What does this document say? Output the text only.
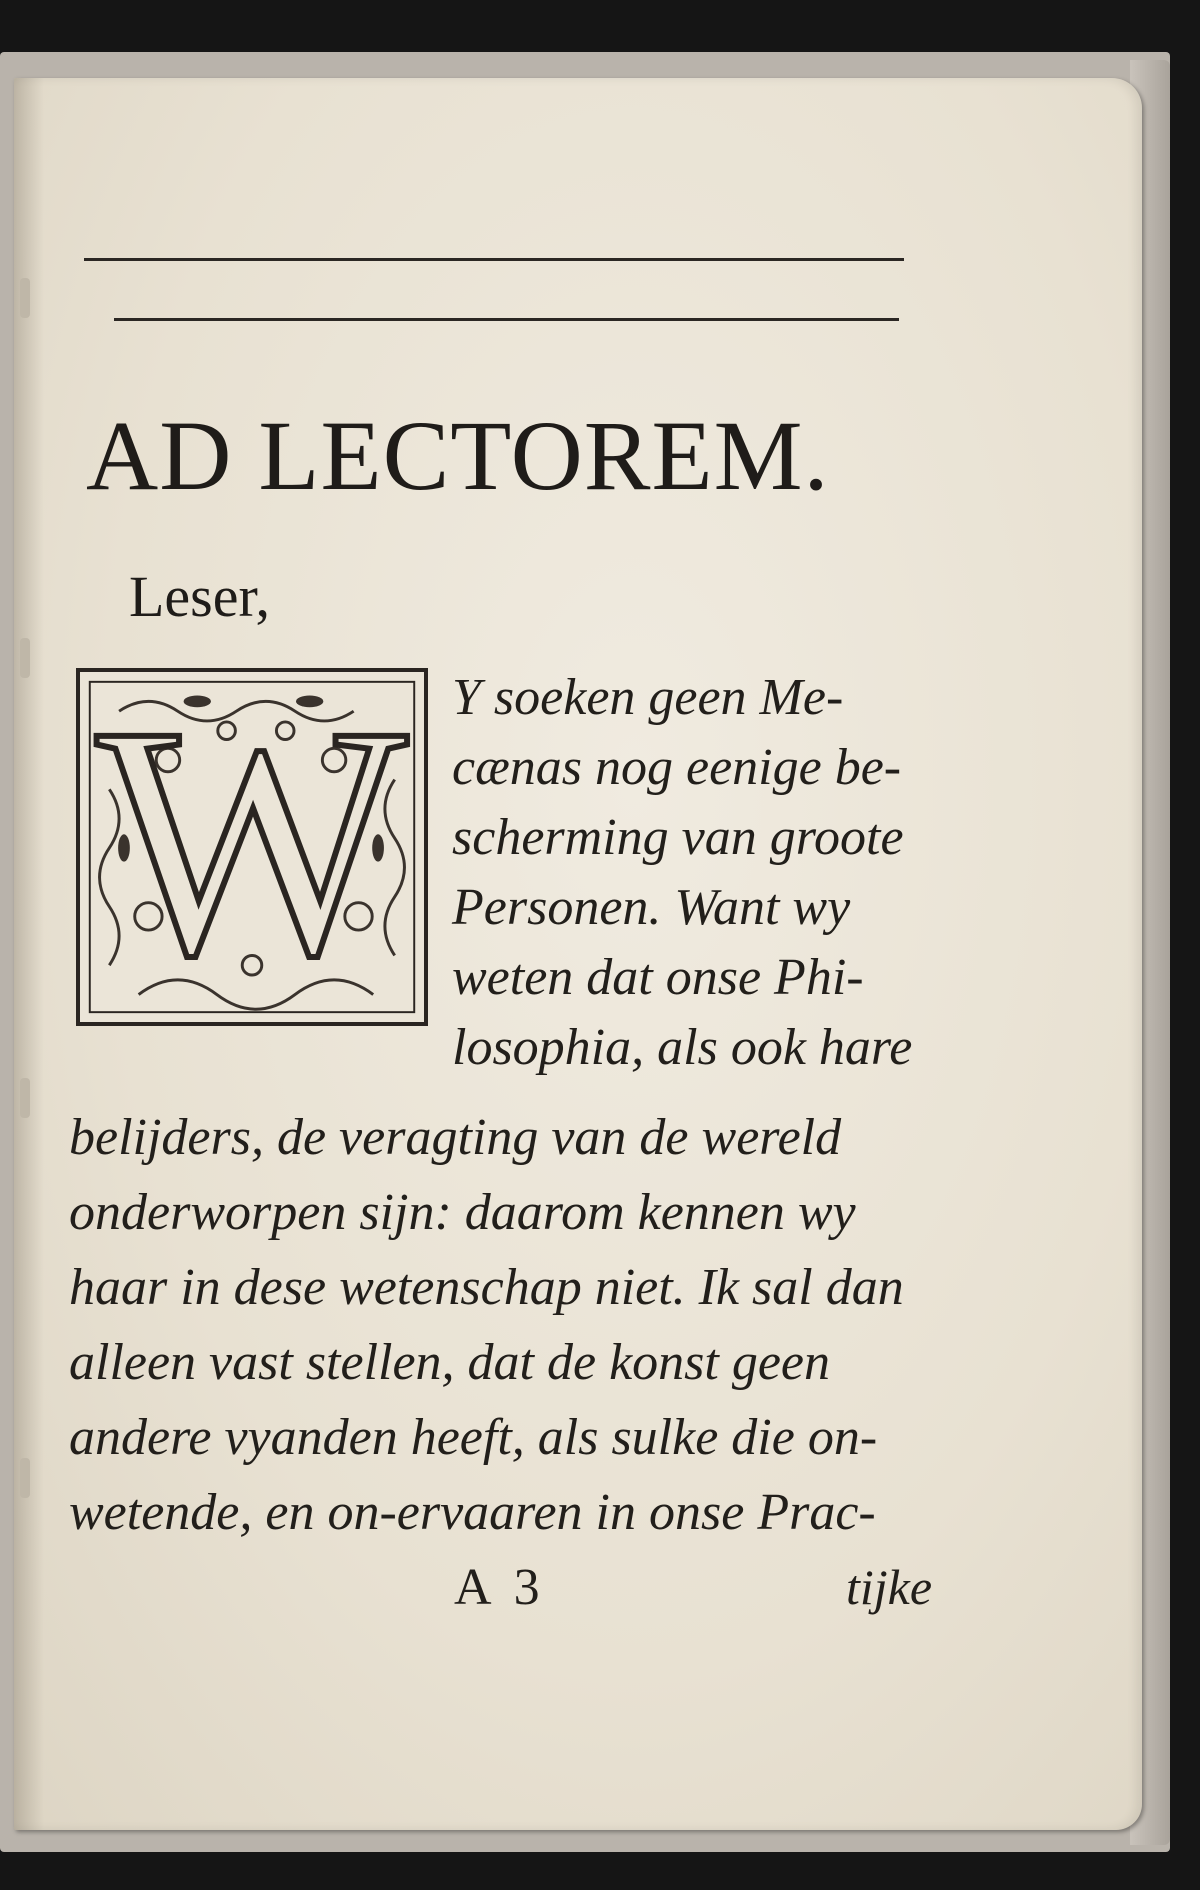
AD LECTOREM.

Leser,

W Y soeken geen Me-

cænas nog eenige be-

scherming van groote

Personen. Want wy

weten dat onse Phi-

losophia, als ook hare

belijders, de veragting van de wereld

onderworpen sijn: daarom kennen wy

haar in dese wetenschap niet. Ik sal dan

alleen vast stellen, dat de konst geen

andere vyanden heeft, als sulke die on-

wetende, en on-ervaaren in onse Prac-

A 3	tijke
